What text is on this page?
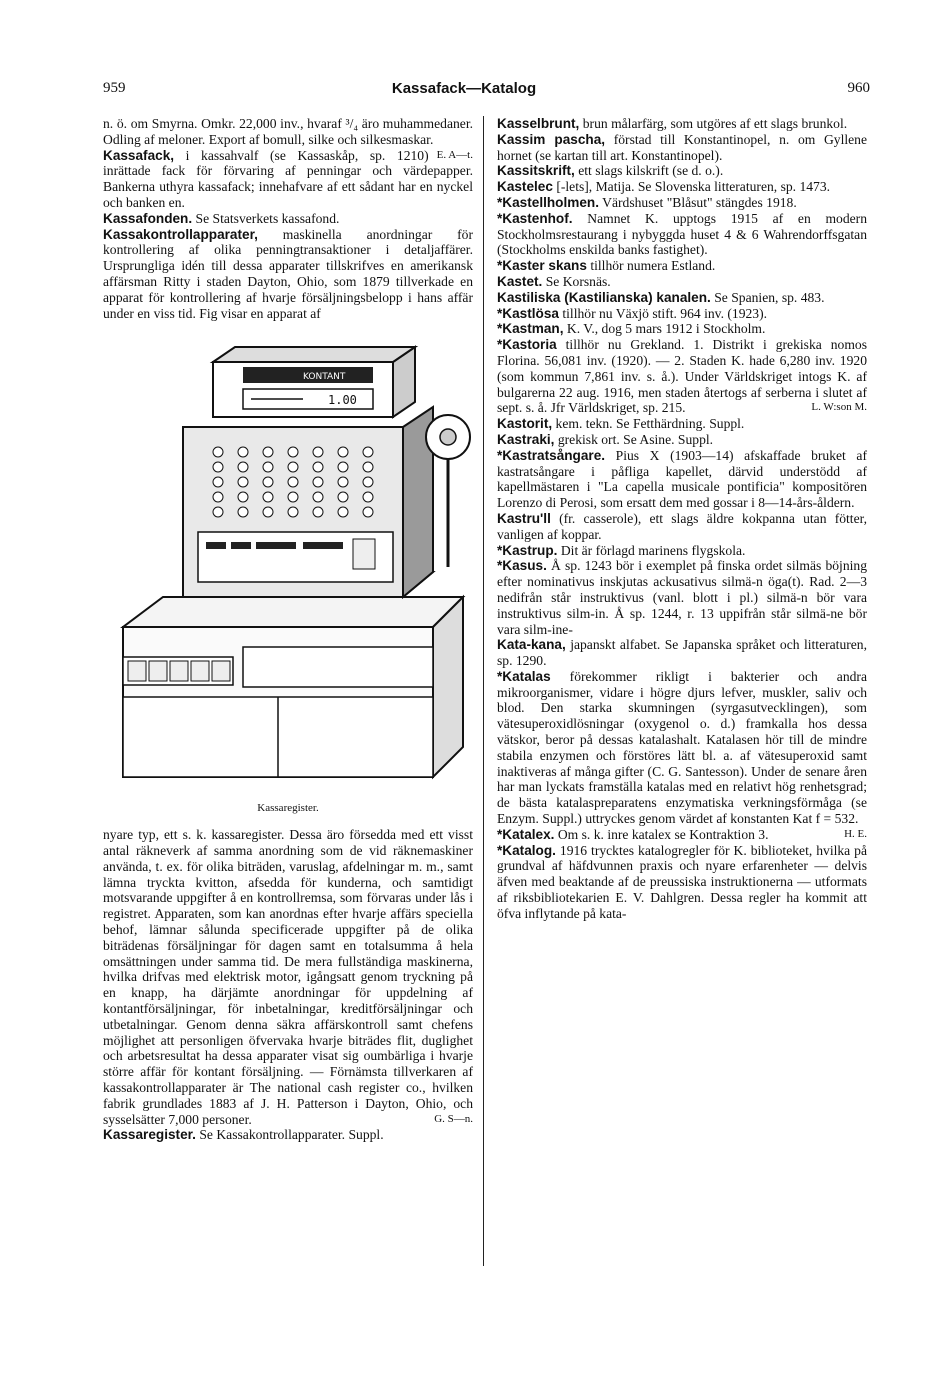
959	Kassafack—Katalog	960
n. ö. om Smyrna. Omkr. 22,000 inv., hvaraf ³/₄ äro muhammedaner. Odling af meloner. Export af bomull, silke och silkesmaskar.
E. A—t.
Kassafack, i kassahvalf (se Kassaskåp, sp. 1210) inrättade fack för förvaring af penningar och värdepapper. Bankerna uthyra kassafack; innehafvare af ett sådant har en nyckel och banken en.
Kassafonden. Se Statsverkets kassafond.
Kassakontrollapparater, maskinella anordningar för kontrollering af olika penningtransaktioner i detaljaffärer. Ursprungliga idén till dessa apparater tillskrifves en amerikansk affärsman Ritty i staden Dayton, Ohio, som 1879 tillverkade en apparat för kontrollering af hvarje försäljningsbelopp i hans affär under en viss tid. Fig visar en apparat af
KONTANT
1.00
Kassaregister.
nyare typ, ett s. k. kassaregister. Dessa äro försedda med ett visst antal räkneverk af samma anordning som de vid räknemaskiner använda, t. ex. för olika biträden, varuslag, afdelningar m. m., samt lämna tryckta kvitton, afsedda för kunderna, och samtidigt motsvarande uppgifter å en kontrollremsa, som förvaras under lås i registret. Apparaten, som kan anordnas efter hvarje affärs speciella behof, lämnar sålunda specificerade uppgifter på de olika biträdenas försäljningar för dagen samt en totalsumma å hela omsättningen under samma tid. De mera fullständiga maskinerna, hvilka drifvas med elektrisk motor, igångsatt genom tryckning på en knapp, ha därjämte anordningar för uppdelning af kontantförsäljningar, för inbetalningar, kreditförsäljningar och utbetalningar. Genom denna säkra affärskontroll samt chefens möjlighet att personligen öfvervaka hvarje biträdes flit, duglighet och arbetsresultat ha dessa apparater visat sig oumbärliga i hvarje större affär för kontant försäljning. — Förnämsta tillverkaren af kassakontrollapparater är The national cash register co., hvilken fabrik grundlades 1883 af J. H. Patterson i Dayton, Ohio, och sysselsätter 7,000 personer.	G. S—n.
Kassaregister. Se Kassakontrollapparater. Suppl.
Kasselbrunt, brun målarfärg, som utgöres af ett slags brunkol.
Kassim pascha, förstad till Konstantinopel, n. om Gyllene hornet (se kartan till art. Konstantinopel).
Kassitskrift, ett slags kilskrift (se d. o.).
Kastelec [-lets], Matija. Se Slovenska litteraturen, sp. 1473.
*Kastellholmen. Värdshuset "Blåsut" stängdes 1918.
*Kastenhof. Namnet K. upptogs 1915 af en modern Stockholmsrestaurang i nybyggda huset 4 & 6 Wahrendorffsgatan (Stockholms enskilda banks fastighet).
*Kaster skans tillhör numera Estland.
Kastet. Se Korsnäs.
Kastiliska (Kastilianska) kanalen. Se Spanien, sp. 483.
*Kastlösa tillhör nu Växjö stift. 964 inv. (1923).
*Kastman, K. V., dog 5 mars 1912 i Stockholm.
*Kastoria tillhör nu Grekland. 1. Distrikt i grekiska nomos Florina. 56,081 inv. (1920). — 2. Staden K. hade 6,280 inv. 1920 (som kommun 7,861 inv. s. å.). Under Världskriget intogs K. af bulgarerna 22 aug. 1916, men staden återtogs af serberna i slutet af sept. s. å. Jfr Världskriget, sp. 215.	L. W:son M.
Kastorit, kem. tekn. Se Fetthärdning. Suppl.
Kastraki, grekisk ort. Se Asine. Suppl.
*Kastratsångare. Pius X (1903—14) afskaffade bruket af kastratsångare i påfliga kapellet, därvid understödd af kapellmästaren i "La capella musicale pontificia" kompositören Lorenzo di Perosi, som ersatt dem med gossar i 8—14-års-åldern.
Kastru'll (fr. casserole), ett slags äldre kokpanna utan fötter, vanligen af koppar.
*Kastrup. Dit är förlagd marinens flygskola.
*Kasus. Å sp. 1243 bör i exemplet på finska ordet silmäs böjning efter nominativus inskjutas ackusativus silmä-n öga(t). Rad. 2—3 nedifrån står instruktivus (vanl. blott i pl.) silmä-n bör vara instruktivus silm-in. Å sp. 1244, r. 13 uppifrån står silmä-ne bör vara silm-ine-
Kata-kana, japanskt alfabet. Se Japanska språket och litteraturen, sp. 1290.
*Katalas förekommer rikligt i bakterier och andra mikroorganismer, vidare i högre djurs lefver, muskler, saliv och blod. Den starka skumningen (syrgasutvecklingen), som vätesuperoxidlösningar (oxygenol o. d.) framkalla hos dessa vätskor, beror på dessas katalashalt. Katalasen hör till de mindre stabila enzymen och förstöres lätt bl. a. af vätesuperoxid samt inaktiveras af många gifter (C. G. Santesson). Under de senare åren har man lyckats framställa katalas med en relativt hög renhetsgrad; de bästa katalaspreparatens enzymatiska verkningsförmåga (se Enzym. Suppl.) uttryckes genom värdet af konstanten Kat f = 532.
H. E.
*Katalex. Om s. k. inre katalex se Kontraktion 3.
*Katalog. 1916 trycktes katalogregler för K. biblioteket, hvilka på grundval af häfdvunnen praxis och nyare erfarenheter — delvis äfven med beaktande af de preussiska instruktionerna — utformats af riksbibliotekarien E. V. Dahlgren. Dessa regler ha kommit att öfva inflytande på kata-
